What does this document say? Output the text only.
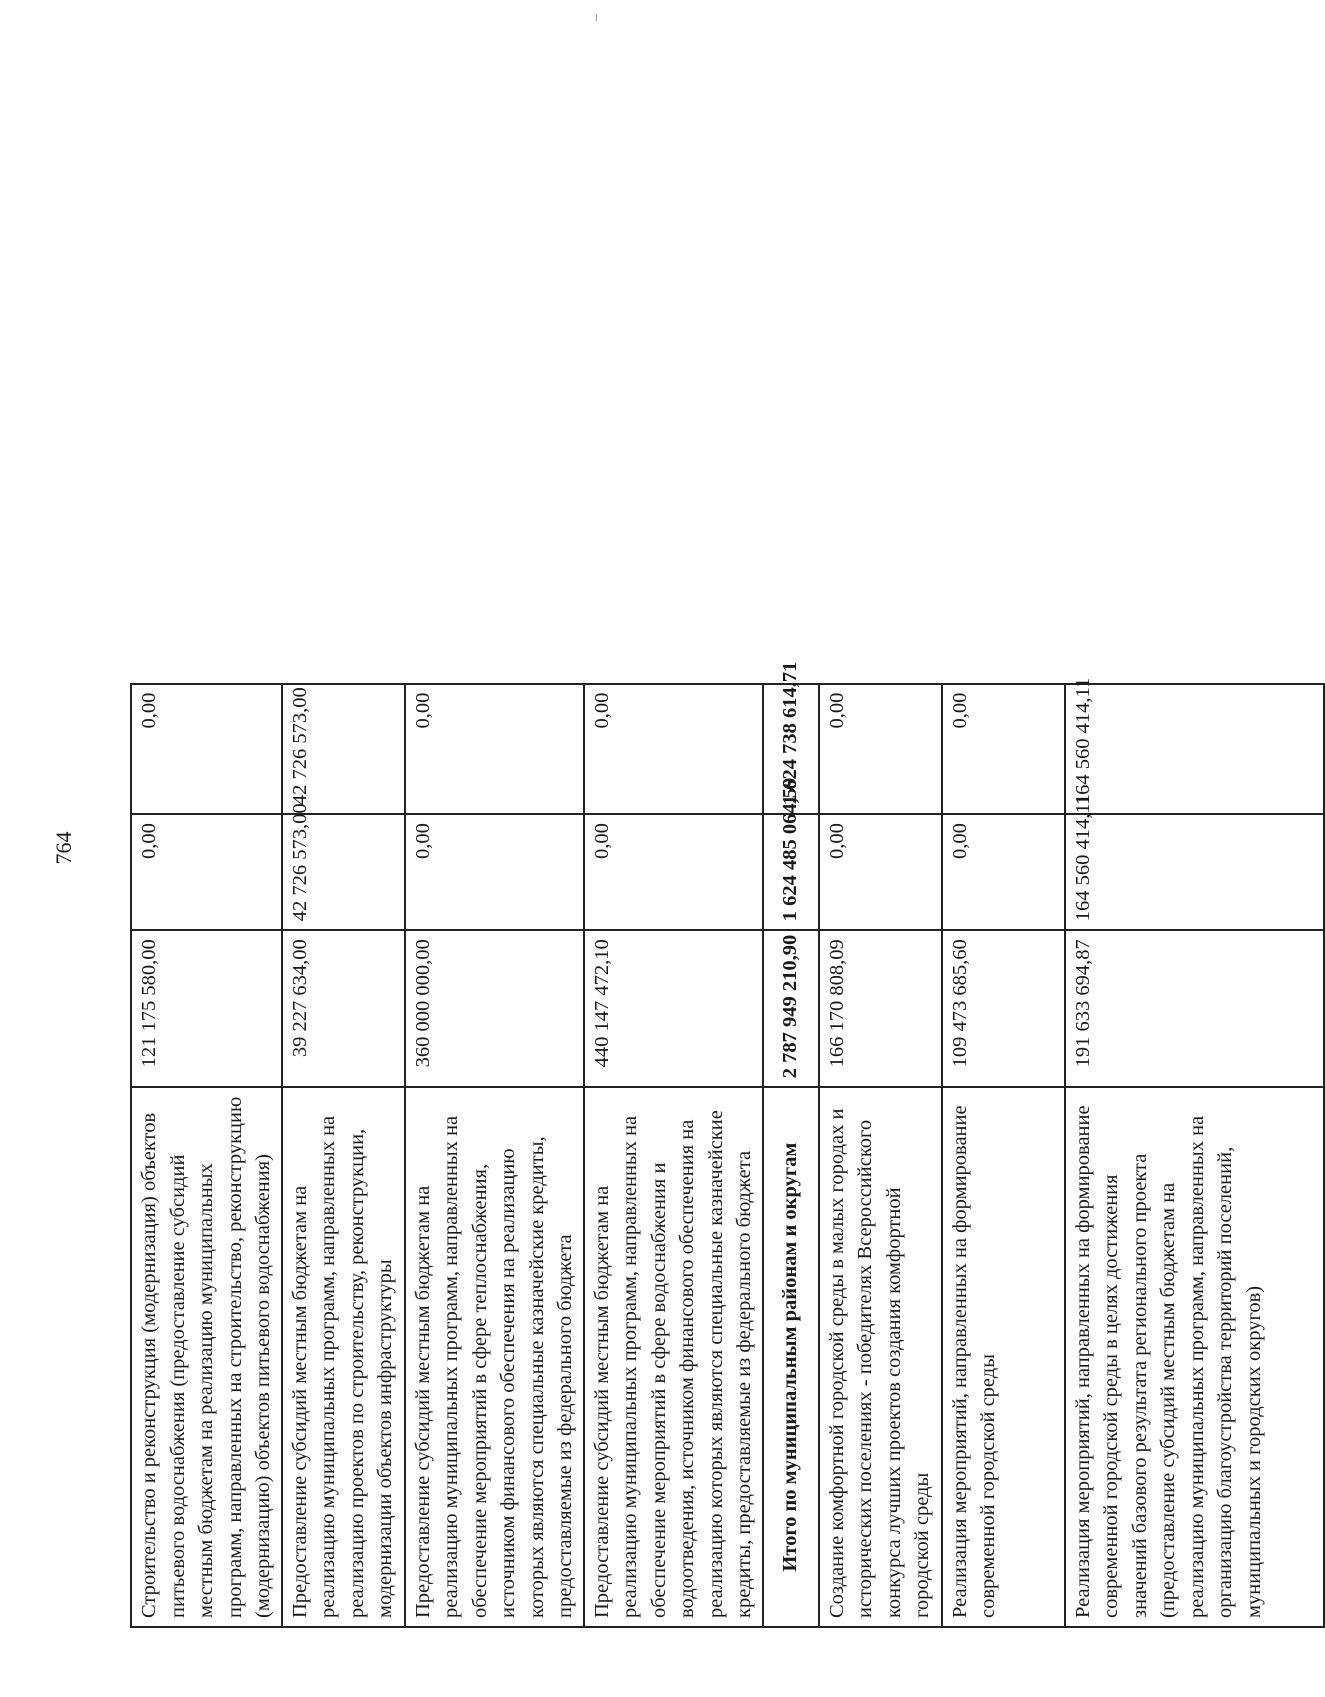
764
Строительство и реконструкция (модернизация) объектов питьевого водоснабжения (предоставление субсидий местным бюджетам на реализацию муниципальных программ, направленных на строительство, реконструкцию (модернизацию) объектов питьевого водоснабжения)	121 175 580,00	0,00	0,00
Предоставление субсидий местным бюджетам на реализацию муниципальных программ, направленных на реализацию проектов по строительству, реконструкции, модернизации объектов инфраструктуры	39 227 634,00	42 726 573,00	42 726 573,00
Предоставление субсидий местным бюджетам на реализацию муниципальных программ, направленных на обеспечение мероприятий в сфере теплоснабжения, источником финансового обеспечения на реализацию которых являются специальные казначейские кредиты, предоставляемые из федерального бюджета	360 000 000,00	0,00	0,00
Предоставление субсидий местным бюджетам на реализацию муниципальных программ, направленных на обеспечение мероприятий в сфере водоснабжения и водоотведения, источником финансового обеспечения на реализацию которых являются специальные казначейские кредиты, предоставляемые из федерального бюджета	440 147 472,10	0,00	0,00
Итого по муниципальным районам и округам	2 787 949 210,90	1 624 485 064,59	1 624 738 614,71
Создание комфортной городской среды в малых городах и исторических поселениях - победителях Всероссийского конкурса лучших проектов создания комфортной городской среды	166 170 808,09	0,00	0,00
Реализация мероприятий, направленных на формирование современной городской среды	109 473 685,60	0,00	0,00
Реализация мероприятий, направленных на формирование современной городской среды в целях достижения значений базового результата регионального проекта (предоставление субсидий местным бюджетам на реализацию муниципальных программ, направленных на организацию благоустройства территорий поселений, муниципальных и городских округов)	191 633 694,87	164 560 414,11	164 560 414,11
